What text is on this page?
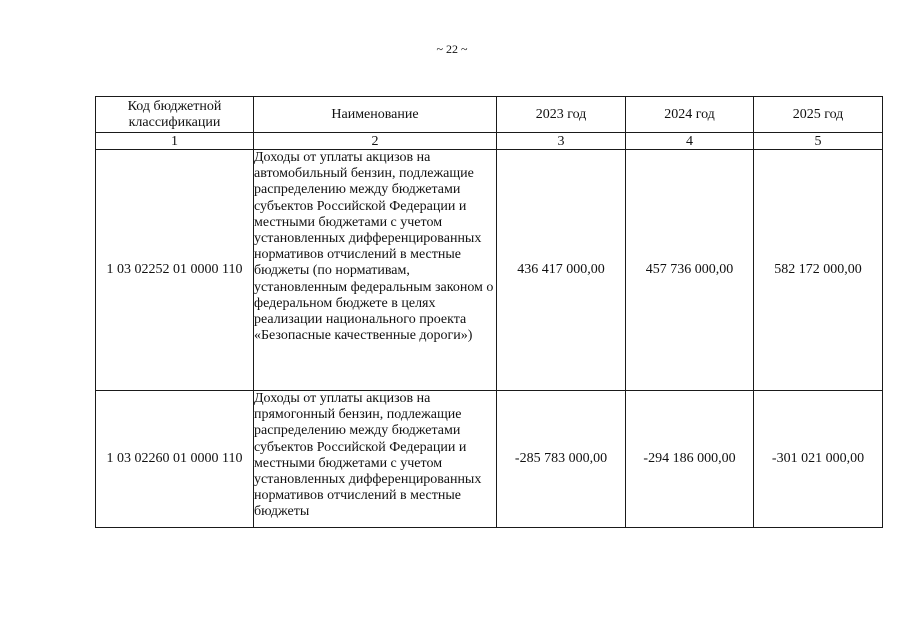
~ 22 ~
Код бюджетной классификации	Наименование	2023 год	2024 год	2025 год
1	2	3	4	5
1 03 02252 01 0000 110	Доходы от уплаты акцизов на автомобильный бензин, подлежащие распределению между бюджетами субъектов Российской Федерации и местными бюджетами с учетом установленных дифференцированных нормативов отчислений в местные бюджеты (по нормативам, установленным федеральным законом о федеральном бюджете в целях реализации национального проекта «Безопасные качественные дороги»)	436 417 000,00	457 736 000,00	582 172 000,00
1 03 02260 01 0000 110	Доходы от уплаты акцизов на прямогонный бензин, подлежащие распределению между бюджетами субъектов Российской Федерации и местными бюджетами с учетом установленных дифференцированных нормативов отчислений в местные бюджеты	-285 783 000,00	-294 186 000,00	-301 021 000,00
